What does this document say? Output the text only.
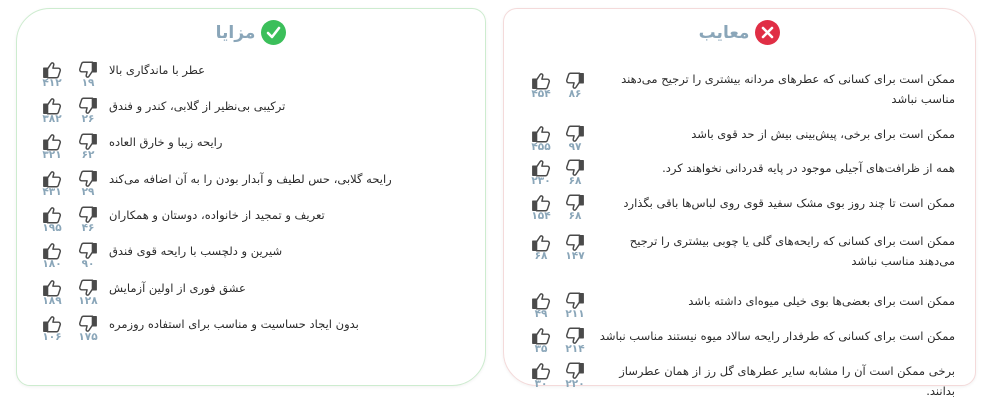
معایب
۴۵۴ ۸۶
ممکن است برای کسانی که عطرهای مردانه بیشتری را ترجیح می‌دهند مناسب نباشد
۴۵۵ ۹۷
ممکن است برای برخی، پیش‌بینی بیش از حد قوی باشد
۲۳۰ ۶۸
همه از ظرافت‌های آجیلی موجود در پایه قدردانی نخواهند کرد.
۱۵۴ ۶۸
ممکن است تا چند روز بوی مشک سفید قوی روی لباس‌ها باقی بگذارد
۶۸ ۱۴۷
ممکن است برای کسانی که رایحه‌های گلی یا چوبی بیشتری را ترجیح می‌دهند مناسب نباشد
۴۹ ۲۱۱
ممکن است برای بعضی‌ها بوی خیلی میوه‌ای داشته باشد
۳۵ ۲۱۴
ممکن است برای کسانی که طرفدار رایحه سالاد میوه نیستند مناسب نباشد
۳۰ ۲۲۰
برخی ممکن است آن را مشابه سایر عطرهای گل رز از همان عطرساز بدانند.
مزایا
۴۱۲ ۱۹
عطر با ماندگاری بالا
۳۸۲ ۲۶
ترکیبی بی‌نظیر از گلابی، کندر و فندق
۳۲۱ ۶۲
رایحه زیبا و خارق العاده
۴۳۱ ۲۹
رایحه گلابی، حس لطیف و آبدار بودن را به آن اضافه می‌کند
۱۹۵ ۴۶
تعریف و تمجید از خانواده، دوستان و همکاران
۱۸۰ ۹۰
شیرین و دلچسب با رایحه قوی فندق
۱۸۹ ۱۲۸
عشق فوری از اولین آزمایش
۱۰۶ ۱۷۵
بدون ایجاد حساسیت و مناسب برای استفاده روزمره
